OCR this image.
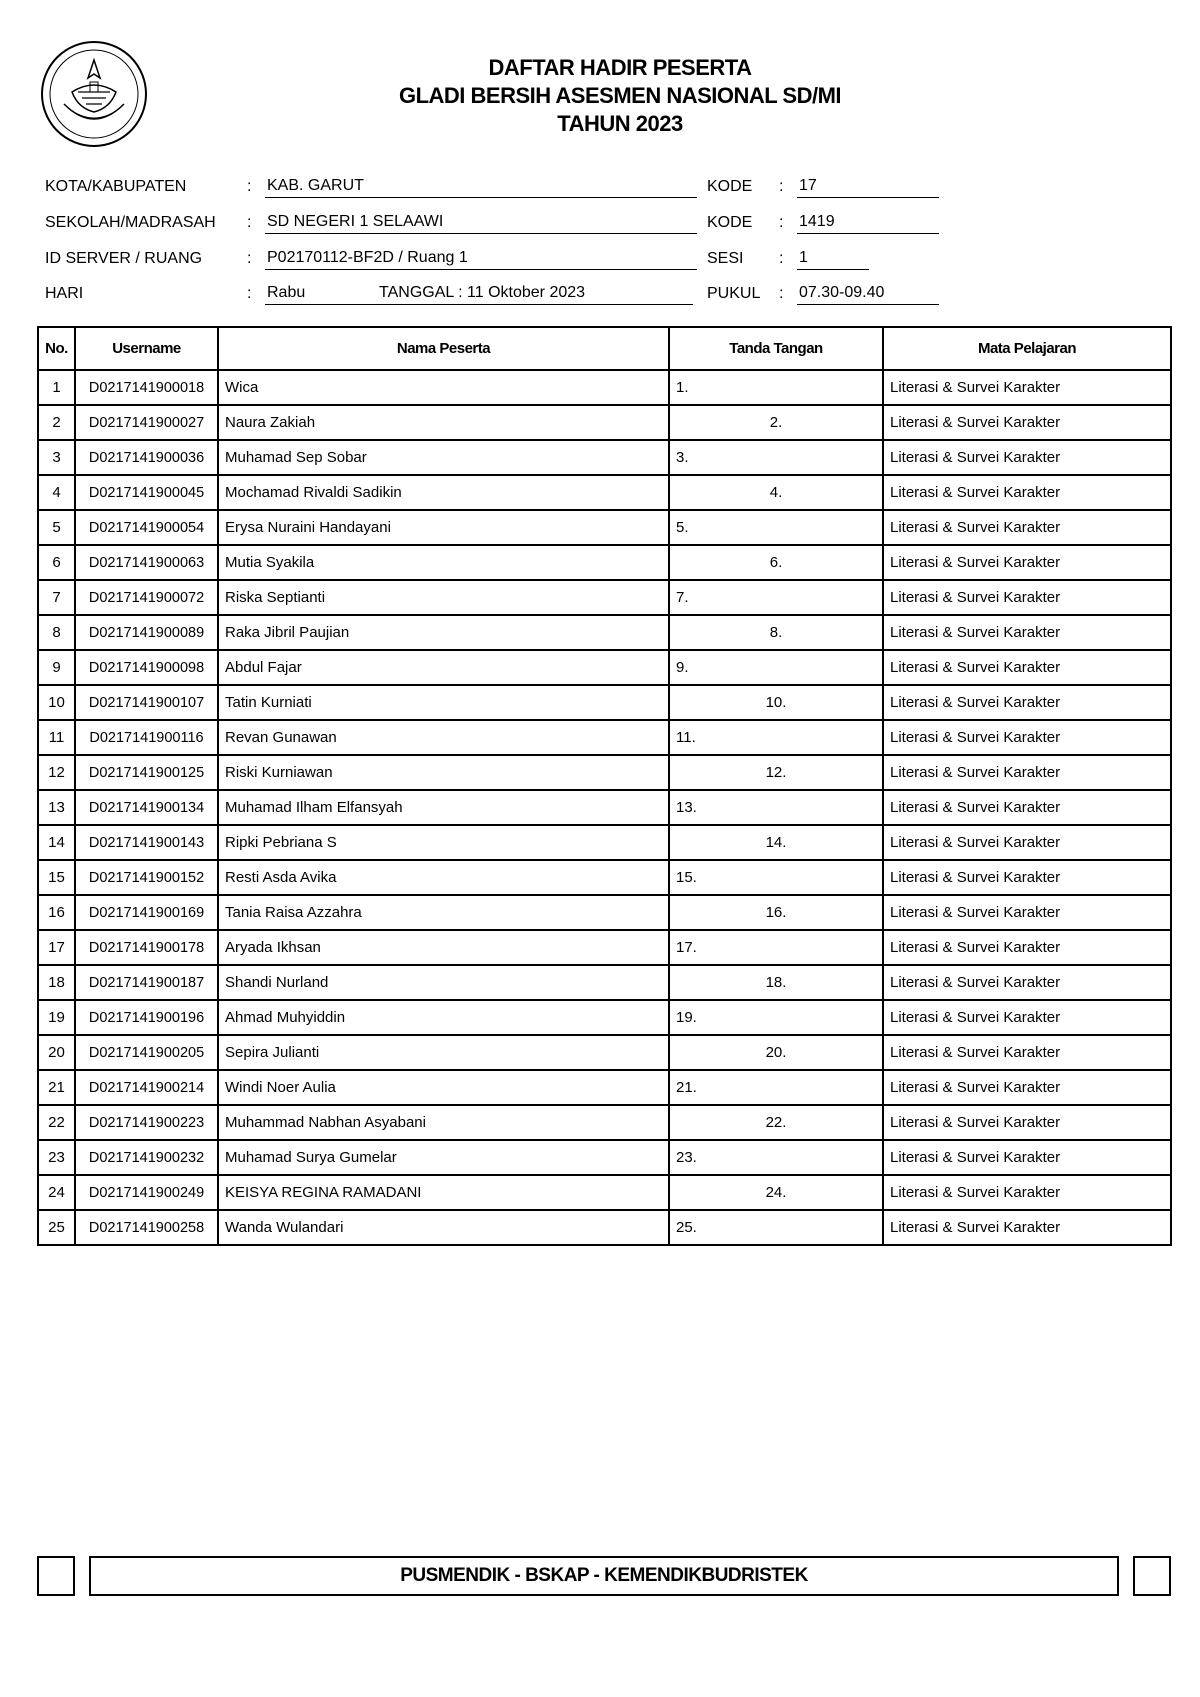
DAFTAR HADIR PESERTA
GLADI BERSIH ASESMEN NASIONAL SD/MI
TAHUN 2023
KOTA/KABUPATEN	: KAB. GARUT	KODE : 17
SEKOLAH/MADRASAH : SD NEGERI 1 SELAAWI	KODE : 1419
ID SERVER / RUANG	: P02170112-BF2D / Ruang 1	SESI : 1
HARI	: Rabu	TANGGAL : 11 Oktober 2023	PUKUL : 07.30-09.40
No.	Username	Nama Peserta	Tanda Tangan	Mata Pelajaran
1	D0217141900018	Wica	1.	Literasi & Survei Karakter
2	D0217141900027	Naura Zakiah	2.	Literasi & Survei Karakter
3	D0217141900036	Muhamad Sep Sobar	3.	Literasi & Survei Karakter
4	D0217141900045	Mochamad Rivaldi Sadikin	4.	Literasi & Survei Karakter
5	D0217141900054	Erysa Nuraini Handayani	5.	Literasi & Survei Karakter
6	D0217141900063	Mutia Syakila	6.	Literasi & Survei Karakter
7	D0217141900072	Riska Septianti	7.	Literasi & Survei Karakter
8	D0217141900089	Raka Jibril Paujian	8.	Literasi & Survei Karakter
9	D0217141900098	Abdul Fajar	9.	Literasi & Survei Karakter
10	D0217141900107	Tatin Kurniati	10.	Literasi & Survei Karakter
11	D0217141900116	Revan Gunawan	11.	Literasi & Survei Karakter
12	D0217141900125	Riski Kurniawan	12.	Literasi & Survei Karakter
13	D0217141900134	Muhamad Ilham Elfansyah	13.	Literasi & Survei Karakter
14	D0217141900143	Ripki Pebriana S	14.	Literasi & Survei Karakter
15	D0217141900152	Resti Asda Avika	15.	Literasi & Survei Karakter
16	D0217141900169	Tania Raisa Azzahra	16.	Literasi & Survei Karakter
17	D0217141900178	Aryada Ikhsan	17.	Literasi & Survei Karakter
18	D0217141900187	Shandi Nurland	18.	Literasi & Survei Karakter
19	D0217141900196	Ahmad Muhyiddin	19.	Literasi & Survei Karakter
20	D0217141900205	Sepira Julianti	20.	Literasi & Survei Karakter
21	D0217141900214	Windi Noer Aulia	21.	Literasi & Survei Karakter
22	D0217141900223	Muhammad Nabhan Asyabani	22.	Literasi & Survei Karakter
23	D0217141900232	Muhamad Surya Gumelar	23.	Literasi & Survei Karakter
24	D0217141900249	KEISYA REGINA RAMADANI	24.	Literasi & Survei Karakter
25	D0217141900258	Wanda Wulandari	25.	Literasi & Survei Karakter
PUSMENDIK - BSKAP - KEMENDIKBUDRISTEK
